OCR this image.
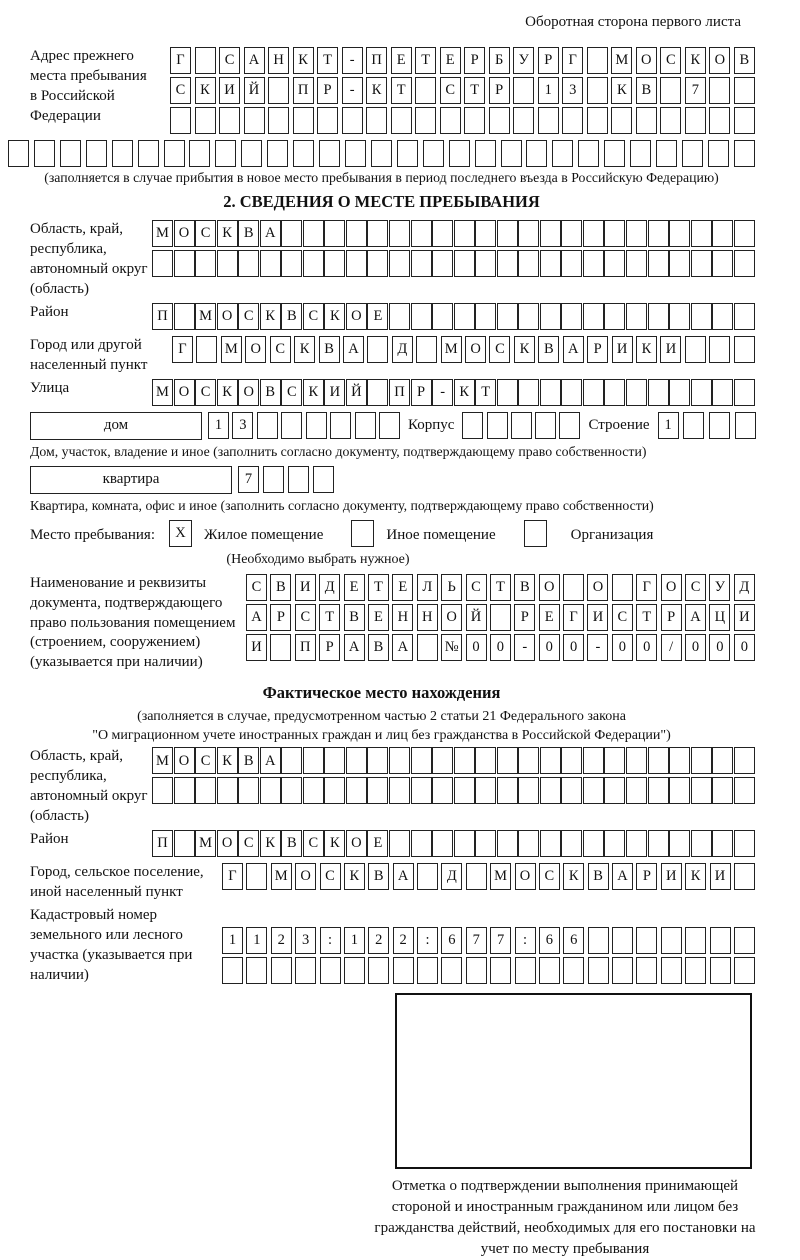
Оборотная сторона первого листа
Адрес прежнего места пребывания в Российской Федерации
Г	С А Н К	Т	-	П	Е	Т	Е	Р	Б	У	Р	Г	М О С	К О В
С	К И Й	П	Р	-	К	Т	С	Т	Р	1	3	К	В	7
(заполняется в случае прибытия в новое место пребывания в период последнего въезда в Российскую Федерацию)
2. СВЕДЕНИЯ О МЕСТЕ ПРЕБЫВАНИЯ
Область, край, республика, автономный округ (область)
М О С К В А
Район	П	М О С К В С К О Е
Город или другой населенный пункт
Г	М О С	К	В А	Д	М О С	К	В А	Р	И К И
Улица	М О С К О В С К И Й	П Р	- К Т
дом	1	3	Корпус	Строение	1
Дом, участок, владение и иное (заполнить согласно документу, подтверждающему право собственности)
квартира	7
Квартира, комната, офис и иное (заполнить согласно документу, подтверждающему право собственности)
Место пребывания:	X	Жилое помещение	Иное помещение	Организация
(Необходимо выбрать нужное)
Наименование и реквизиты документа, подтверждающего право пользования помещением (строением, сооружением) (указывается при наличии)
С	В И Д	Е	Т	Е	Л	Ь	С	Т	В О	О	Г	О С У Д
А	Р	С	Т	В	Е	Н Н О Й	Р	Е	Г	И С	Т	Р	А Ц И
И	П	Р	А В А	№ 0	0	-	0	0	-	0	0	/	0	0	0
Фактическое место нахождения
(заполняется в случае, предусмотренном частью 2 статьи 21 Федерального закона
"О миграционном учете иностранных граждан и лиц без гражданства в Российской Федерации")
Область, край, республика, автономный округ (область)
М О С К В А
Район	П	М О С К В С К О Е
Город, сельское поселение, иной населенный пункт
Г	М О С	К	В А	Д	М О С	К	В А	Р	И К И
Кадастровый номер земельного или лесного участка (указывается при наличии)
1	1	2	3	:	1	2	2	:	6	7	7	:	6	6
Отметка о подтверждении выполнения принимающей стороной и иностранным гражданином или лицом без гражданства действий, необходимых для его постановки на учет по месту пребывания
